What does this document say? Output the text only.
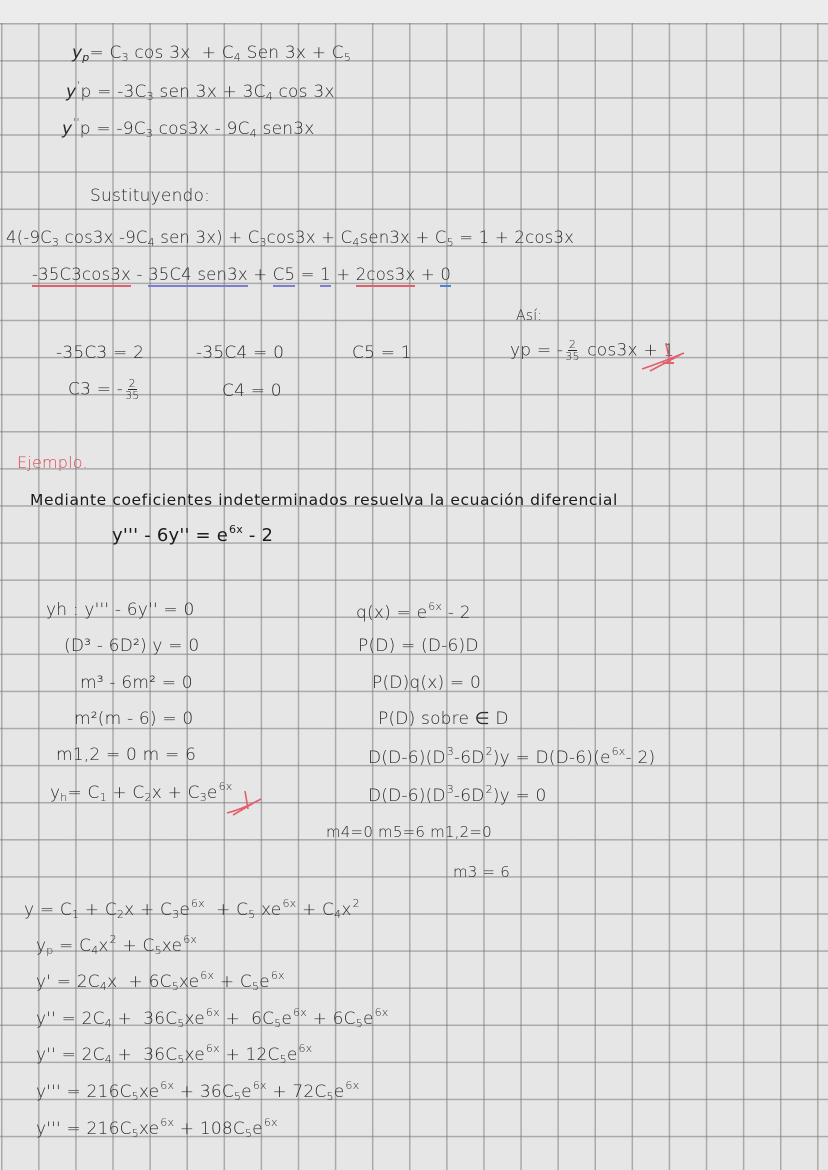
$y_p= C_3$ $\cos 3x + C_4$ Sen $3x + C_5$
$y'p = -3C_3$ sen $3x + 3C_4$ cos 3x
$y''p = -9C_3$ $\cos 3x - 9C_4$ sen3x
Sustituyendo:
$4(-9C_3$ cos3x $-9C_4$ sen $3x) + C_3\cos 3x + C_4sen3x + C_5 = 1 + 2\cos 3x$
-35C3cos3x - 35C4 sen3x + C5 = 1 + 2cos3x + 0
Así:
-35C3 = 2	-35C4 = 0	C5 = 1	yp = - $\frac{2}{35} \cos 3x + 1$
C3 = - $\frac{2}{35}$	C4 = 0
Ejemplo.
Mediante coeficientes indeterminados resuelva la ecuación diferencial
$y''' - 6y'' = e^{6x} - 2$
yh : y''' - 6y'' = 0
(D³ - 6D²) y = 0
m³ - 6m² = 0
m²(m - 6) = 0
m1,2 = 0 m = 6
$y_h= C_1 + C_2x + C_3e^{6x}$
$q(x) = e^{6x} - 2$
P(D) = (D-6)D
P(D)q(x) = 0
P(D) sobre ∈ D
$D(D-6)(D^3-6D^2)y = D(D-6)(e^{6x}-$ 2)
$D(D-6)(D^3-6D^2)y = 0$
m4=0 m5=6 m1,2=0
m3 = 6
$y = C_1 + C_2x + C_3e^{6x} + C_5$ $xe^{6x} + C_4x^2$
$y_p = C_4x^2 + C_5xe^{6x}$
$y' = 2C_4x + 6C_5xe^{6x} + C_5e^{6x}$
$y'' = 2C_4 + 36C_5xe^{6x} + 6C_5e^{6x} + 6C_5e^{6x}$
$y'' = 2C_4 + 36C_5xe^{6x} + 12C_5e^{6x}$
$y''' = 216C_5xe^{6x} + 36C_5e^{6x} + 72C_5e^{6x}$
$y''' = 216C_5xe^{6x} + 108C_5e^{6x}$
